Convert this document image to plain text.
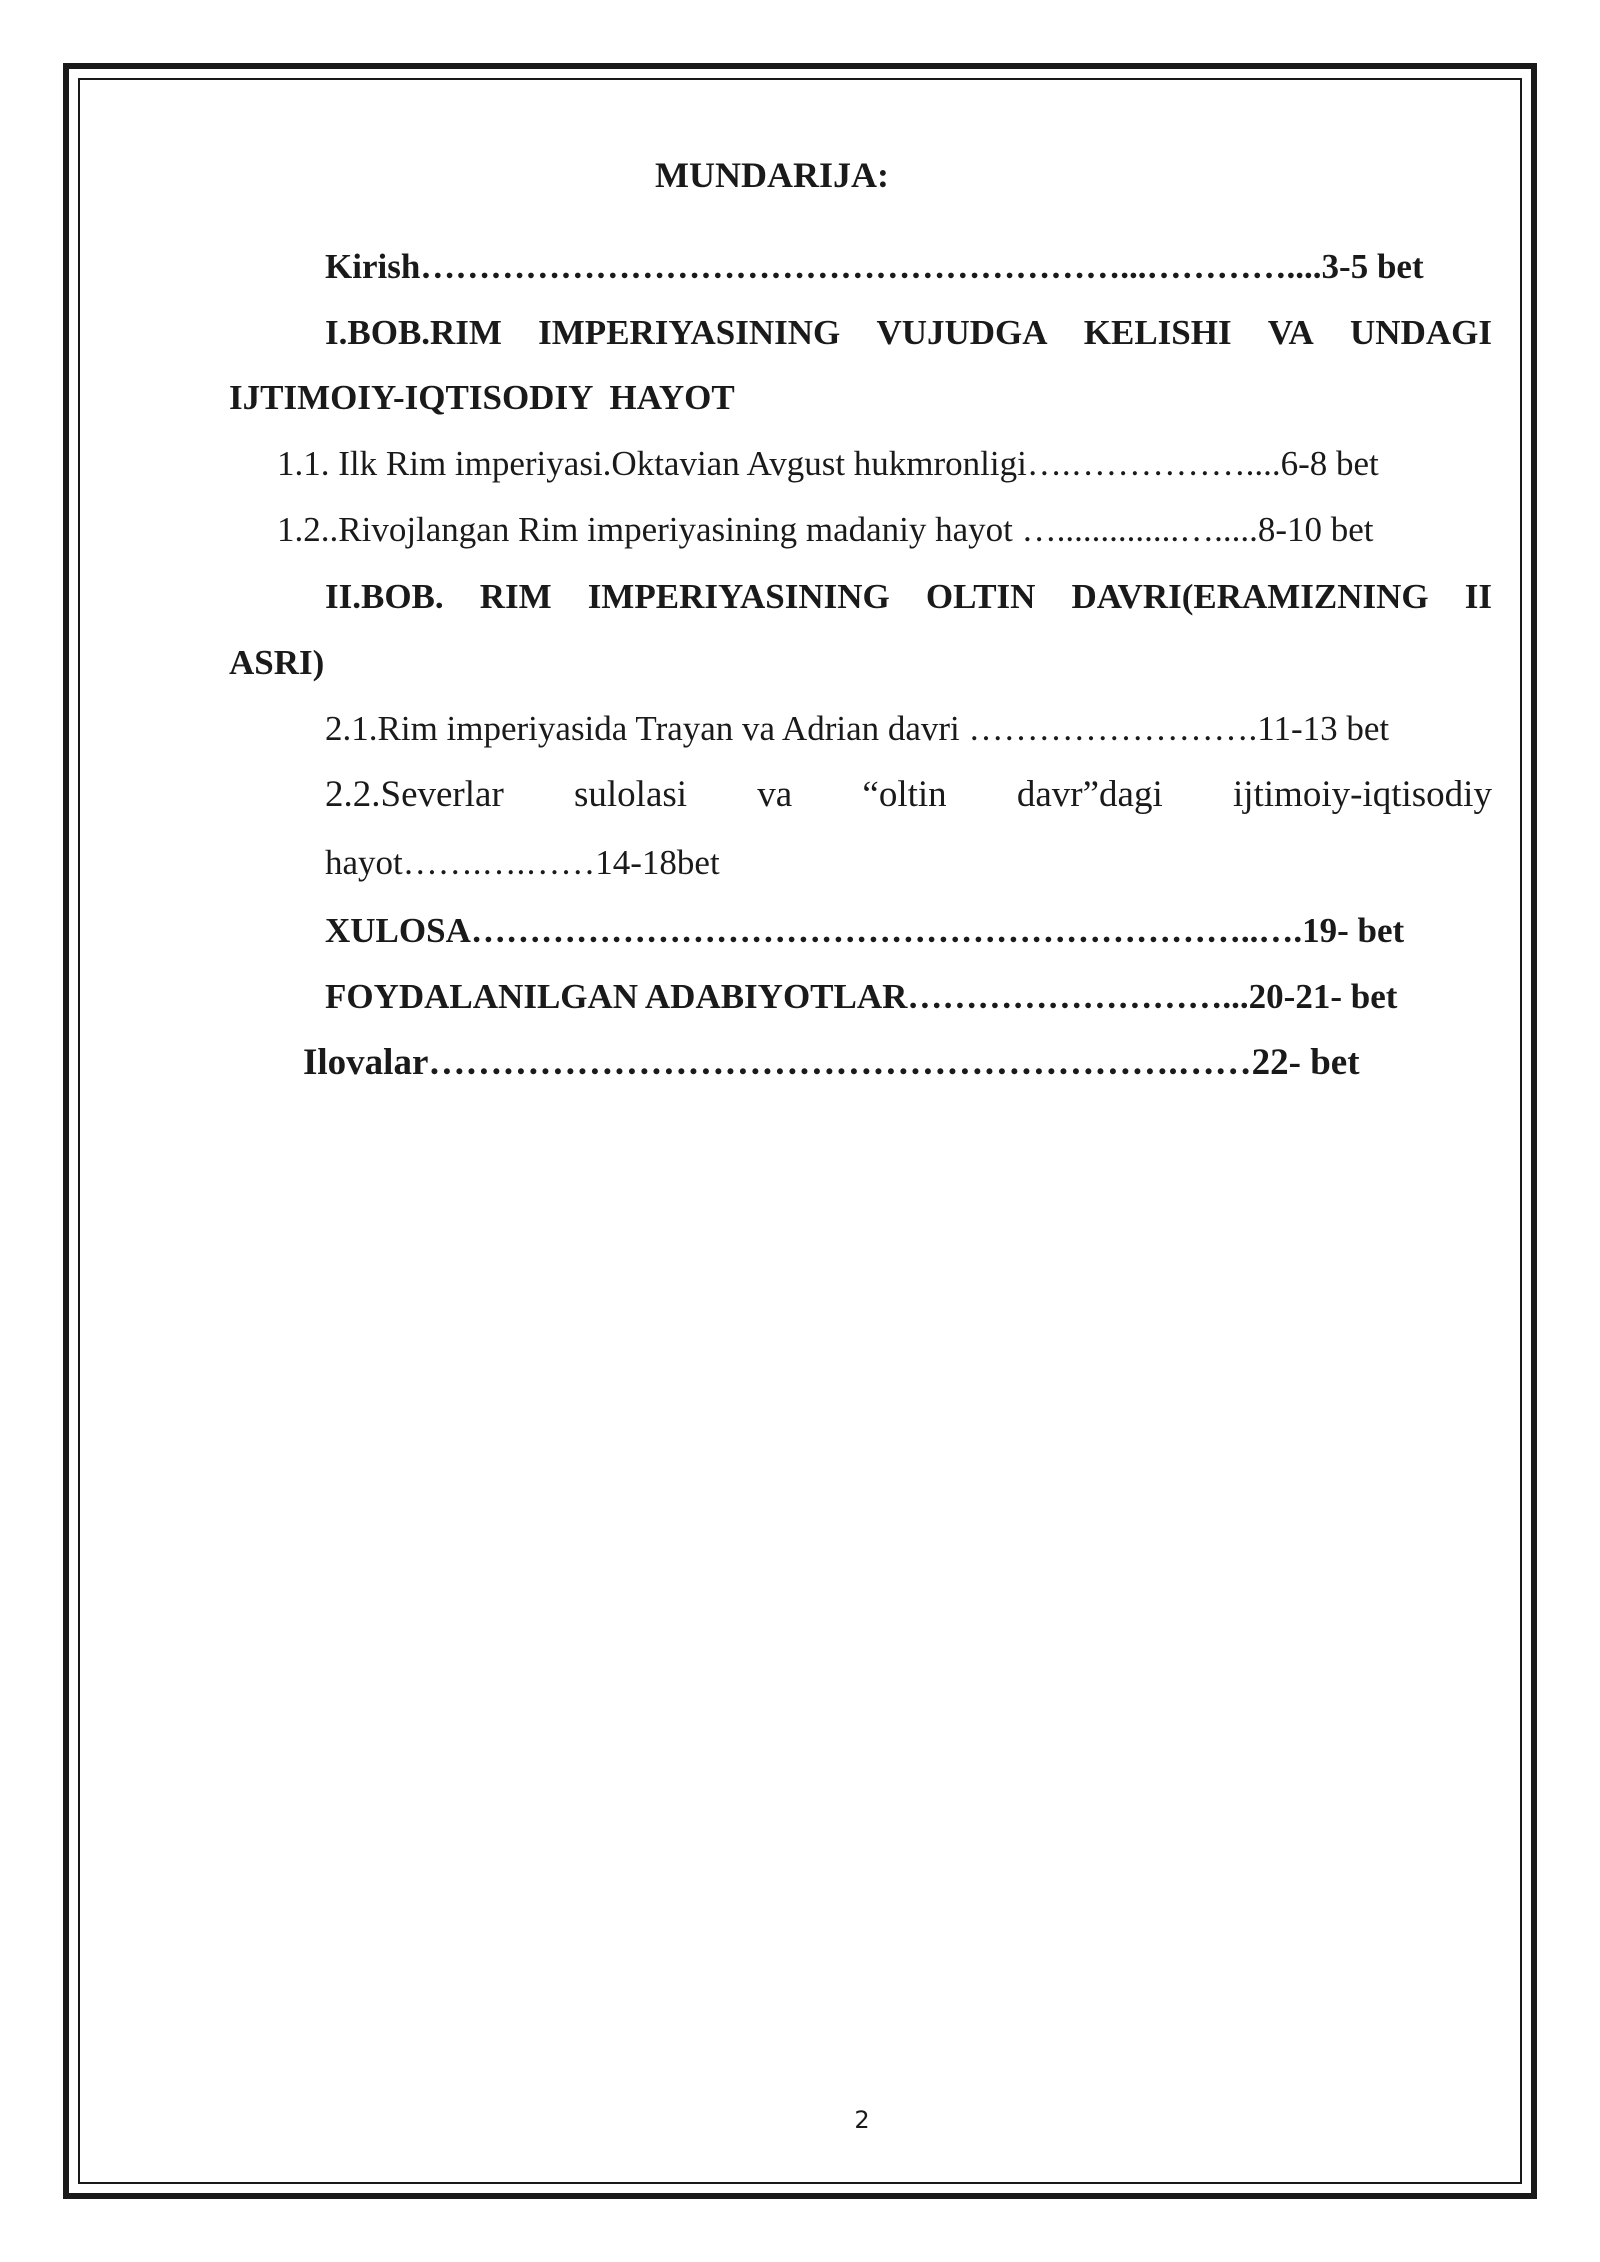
MUNDARIJA:
Kirish……………………………………………………...…………....3-5 bet
I.BOB.RIM IMPERIYASINING VUJUDGA KELISHI VA UNDAGI
IJTIMOIY-IQTISODIY  HAYOT
1.1. Ilk Rim imperiyasi.Oktavian Avgust hukmronligi….……………....6-8 bet
1.2..Rivojlangan Rim imperiyasining madaniy hayot …..............….....8-10 bet
II.BOB. RIM IMPERIYASINING OLTIN DAVRI(ERAMIZNING II
ASRI)
2.1.Rim imperiyasida Trayan va Adrian davri …………………….11-13 bet
2.2.Severlar sulolasi va “oltin davr”dagi ijtimoiy-iqtisodiy
hayot…….….……14-18bet
XULOSA…………………………………………………………..….19- bet
FOYDALANILGAN ADABIYOTLAR………………………...20-21- bet
Ilovalar…………………………………………………….……22- bet
2
